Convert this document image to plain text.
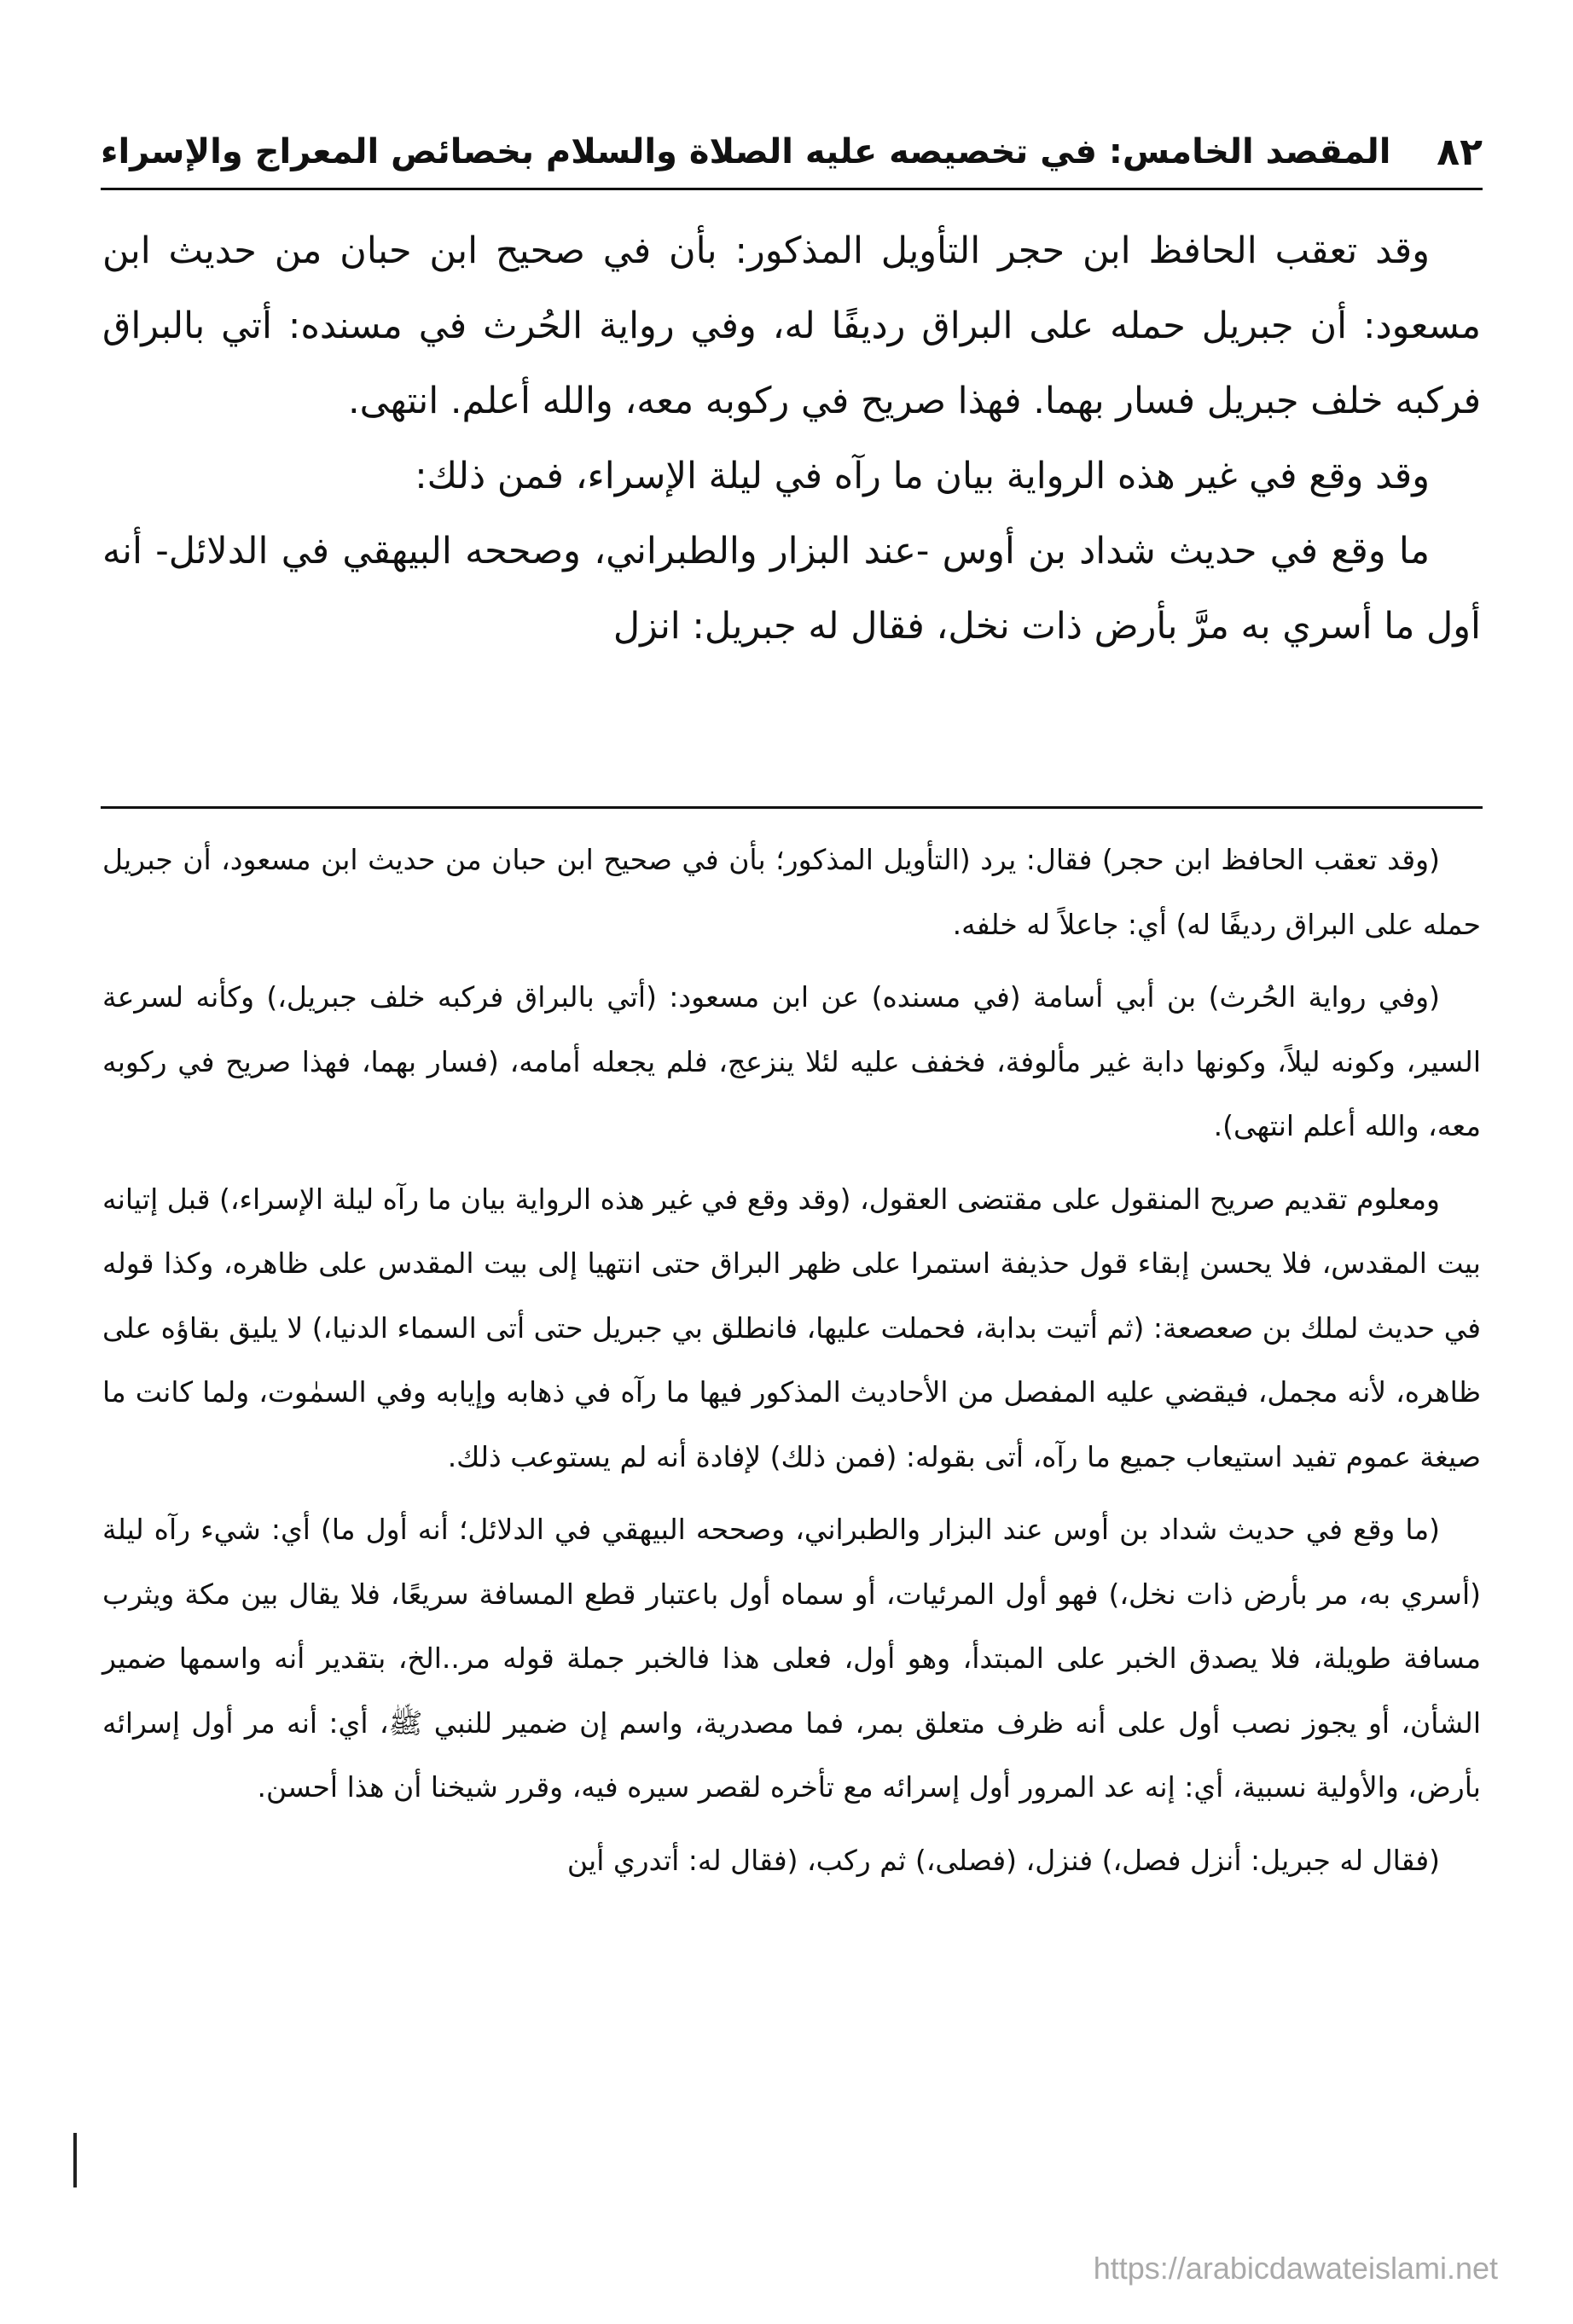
٨٢
المقصد الخامس: في تخصيصه عليه الصلاة والسلام بخصائص المعراج والإسراء

وقد تعقب الحافظ ابن حجر التأويل المذكور: بأن في صحيح ابن حبان من حديث ابن مسعود: أن جبريل حمله على البراق رديفًا له، وفي رواية الحُرث في مسنده: أتي بالبراق فركبه خلف جبريل فسار بهما. فهذا صريح في ركوبه معه، والله أعلم. انتهى.

وقد وقع في غير هذه الرواية بيان ما رآه في ليلة الإسراء، فمن ذلك:

ما وقع في حديث شداد بن أوس -عند البزار والطبراني، وصححه البيهقي في الدلائل- أنه أول ما أسري به مرَّ بأرض ذات نخل، فقال له جبريل: انزل

(وقد تعقب الحافظ ابن حجر) فقال: يرد (التأويل المذكور؛ بأن في صحيح ابن حبان من حديث ابن مسعود، أن جبريل حمله على البراق رديفًا له) أي: جاعلاً له خلفه.

(وفي رواية الحُرث) بن أبي أسامة (في مسنده) عن ابن مسعود: (أتي بالبراق فركبه خلف جبريل،) وكأنه لسرعة السير، وكونه ليلاً، وكونها دابة غير مألوفة، فخفف عليه لئلا ينزعج، فلم يجعله أمامه، (فسار بهما، فهذا صريح في ركوبه معه، والله أعلم انتهى).

ومعلوم تقديم صريح المنقول على مقتضى العقول، (وقد وقع في غير هذه الرواية بيان ما رآه ليلة الإسراء،) قبل إتيانه بيت المقدس، فلا يحسن إبقاء قول حذيفة استمرا على ظهر البراق حتى انتهيا إلى بيت المقدس على ظاهره، وكذا قوله في حديث لملك بن صعصعة: (ثم أتيت بدابة، فحملت عليها، فانطلق بي جبريل حتى أتى السماء الدنيا،) لا يليق بقاؤه على ظاهره، لأنه مجمل، فيقضي عليه المفصل من الأحاديث المذكور فيها ما رآه في ذهابه وإيابه وفي السمٰوت، ولما كانت ما صيغة عموم تفيد استيعاب جميع ما رآه، أتى بقوله: (فمن ذلك) لإفادة أنه لم يستوعب ذلك.

(ما وقع في حديث شداد بن أوس عند البزار والطبراني، وصححه البيهقي في الدلائل؛ أنه أول ما) أي: شيء رآه ليلة (أسري به، مر بأرض ذات نخل،) فهو أول المرئيات، أو سماه أول باعتبار قطع المسافة سريعًا، فلا يقال بين مكة ويثرب مسافة طويلة، فلا يصدق الخبر على المبتدأ، وهو أول، فعلى هذا فالخبر جملة قوله مر..الخ، بتقدير أنه واسمها ضمير الشأن، أو يجوز نصب أول على أنه ظرف متعلق بمر، فما مصدرية، واسم إن ضمير للنبي ﷺ، أي: أنه مر أول إسرائه بأرض، والأولية نسبية، أي: إنه عد المرور أول إسرائه مع تأخره لقصر سيره فيه، وقرر شيخنا أن هذا أحسن.

(فقال له جبريل: أنزل فصل،) فنزل، (فصلى،) ثم ركب، (فقال له: أتدري أين

https://arabicdawateislami.net
